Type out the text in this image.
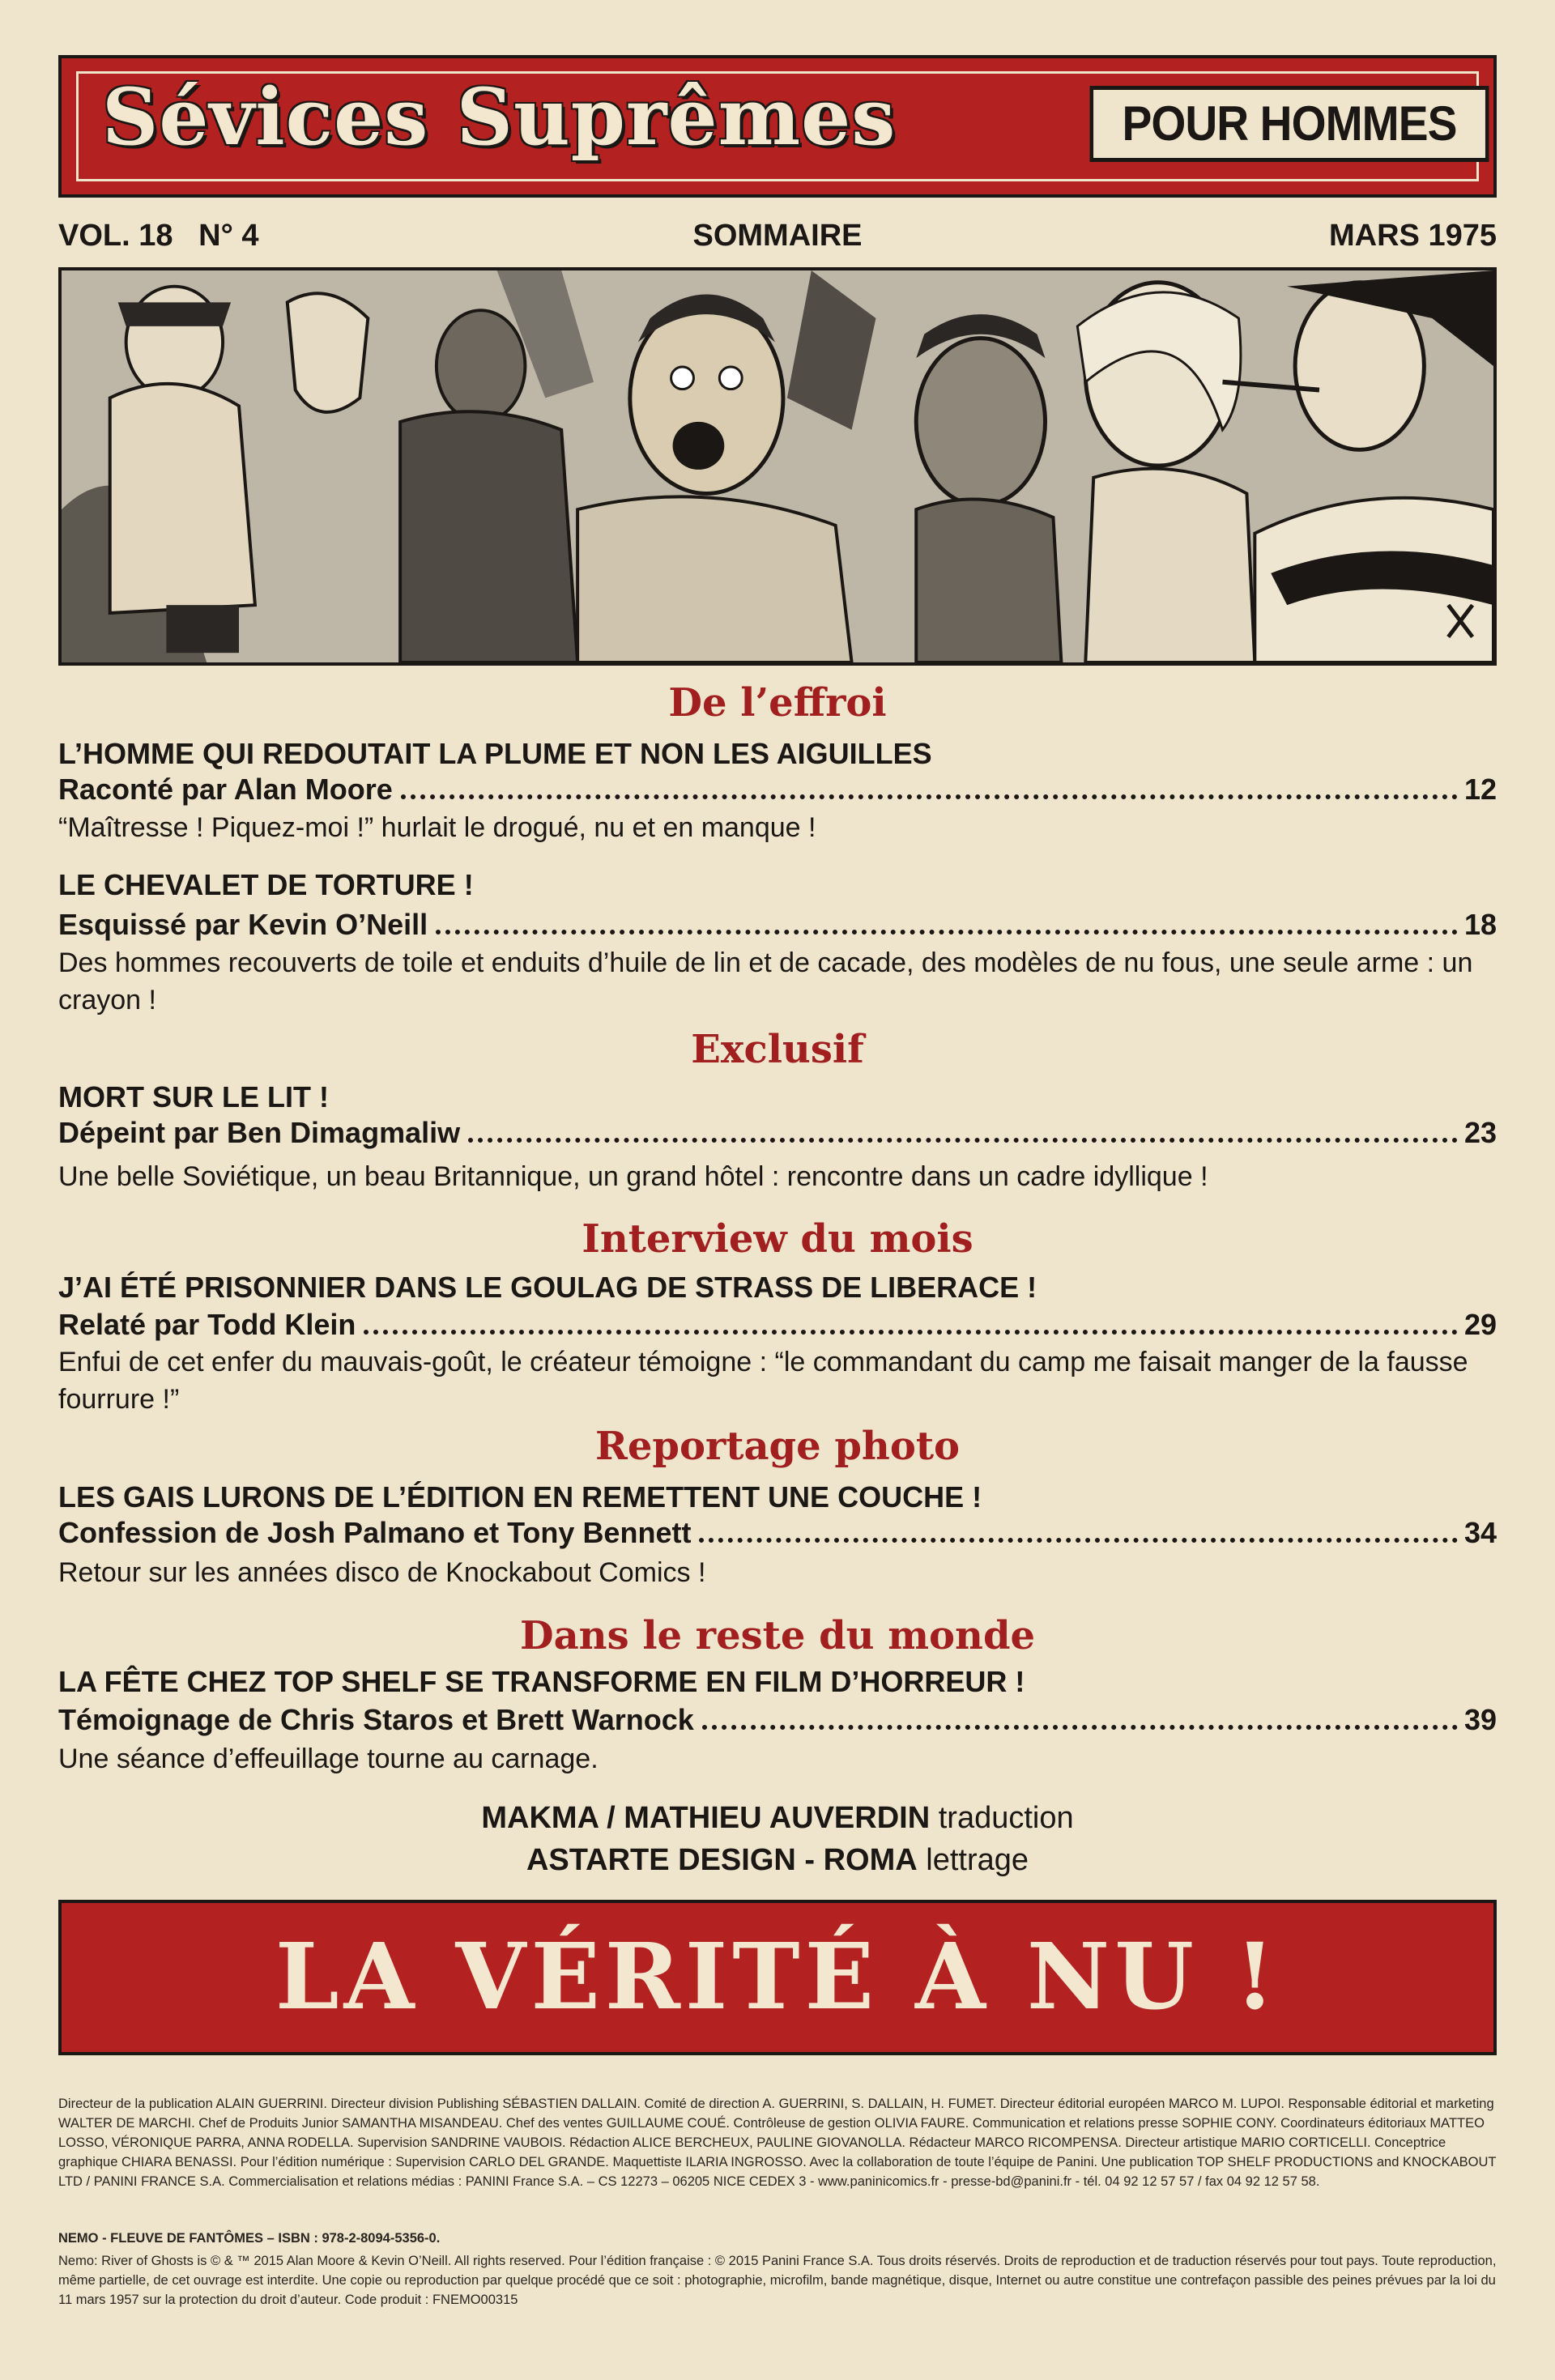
Sévices Suprêmes	POUR HOMMES
VOL. 18   N° 4	SOMMAIRE	MARS 1975
De l’effroi
L’HOMME QUI REDOUTAIT LA PLUME ET NON LES AIGUILLES
Raconté par Alan Moore	12
“Maîtresse ! Piquez-moi !” hurlait le drogué, nu et en manque !
LE CHEVALET DE TORTURE !
Esquissé par Kevin O’Neill	18
Des hommes recouverts de toile et enduits d’huile de lin et de cacade, des modèles de nu fous, une seule arme : un crayon !
Exclusif
MORT SUR LE LIT !
Dépeint par Ben Dimagmaliw	23
Une belle Soviétique, un beau Britannique, un grand hôtel : rencontre dans un cadre idyllique !
Interview du mois
J’AI ÉTÉ PRISONNIER DANS LE GOULAG DE STRASS DE LIBERACE !
Relaté par Todd Klein	29
Enfui de cet enfer du mauvais-goût, le créateur témoigne : “le commandant du camp me faisait manger de la fausse fourrure !”
Reportage photo
LES GAIS LURONS DE L’ÉDITION EN REMETTENT UNE COUCHE !
Confession de Josh Palmano et Tony Bennett	34
Retour sur les années disco de Knockabout Comics !
Dans le reste du monde
LA FÊTE CHEZ TOP SHELF SE TRANSFORME EN FILM D’HORREUR !
Témoignage de Chris Staros et Brett Warnock	39
Une séance d’effeuillage tourne au carnage.
MAKMA / MATHIEU AUVERDIN traduction
ASTARTE DESIGN - ROMA lettrage
LA VÉRITÉ À NU !

Directeur de la publication ALAIN GUERRINI. Directeur division Publishing SÉBASTIEN DALLAIN. Comité de direction A. GUERRINI, S. DALLAIN, H. FUMET. Directeur éditorial européen MARCO M. LUPOI. Responsable éditorial et marketing WALTER DE MARCHI. Chef de Produits Junior SAMANTHA MISANDEAU. Chef des ventes GUILLAUME COUÉ. Contrôleuse de gestion OLIVIA FAURE. Communication et relations presse SOPHIE CONY. Coordinateurs éditoriaux MATTEO LOSSO, VÉRONIQUE PARRA, ANNA RODELLA. Supervision SANDRINE VAUBOIS. Rédaction ALICE BERCHEUX, PAULINE GIOVANOLLA. Rédacteur MARCO RICOMPENSA. Directeur artistique MARIO CORTICELLI. Conceptrice graphique CHIARA BENASSI. Pour l’édition numérique : Supervision CARLO DEL GRANDE. Maquettiste ILARIA INGROSSO. Avec la collaboration de toute l’équipe de Panini. Une publication TOP SHELF PRODUCTIONS and KNOCKABOUT LTD / PANINI FRANCE S.A. Commercialisation et relations médias : PANINI France S.A. – CS 12273 – 06205 NICE CEDEX 3 - www.paninicomics.fr - presse-bd@panini.fr - tél. 04 92 12 57 57 / fax 04 92 12 57 58.

NEMO - FLEUVE DE FANTÔMES – ISBN : 978-2-8094-5356-0.

Nemo: River of Ghosts is © & ™ 2015 Alan Moore & Kevin O’Neill. All rights reserved. Pour l’édition française : © 2015 Panini France S.A. Tous droits réservés. Droits de reproduction et de traduction réservés pour tout pays. Toute reproduction, même partielle, de cet ouvrage est interdite. Une copie ou reproduction par quelque procédé que ce soit : photographie, microfilm, bande magnétique, disque, Internet ou autre constitue une contrefaçon passible des peines prévues par la loi du 11 mars 1957 sur la protection du droit d’auteur. Code produit : FNEMO00315
